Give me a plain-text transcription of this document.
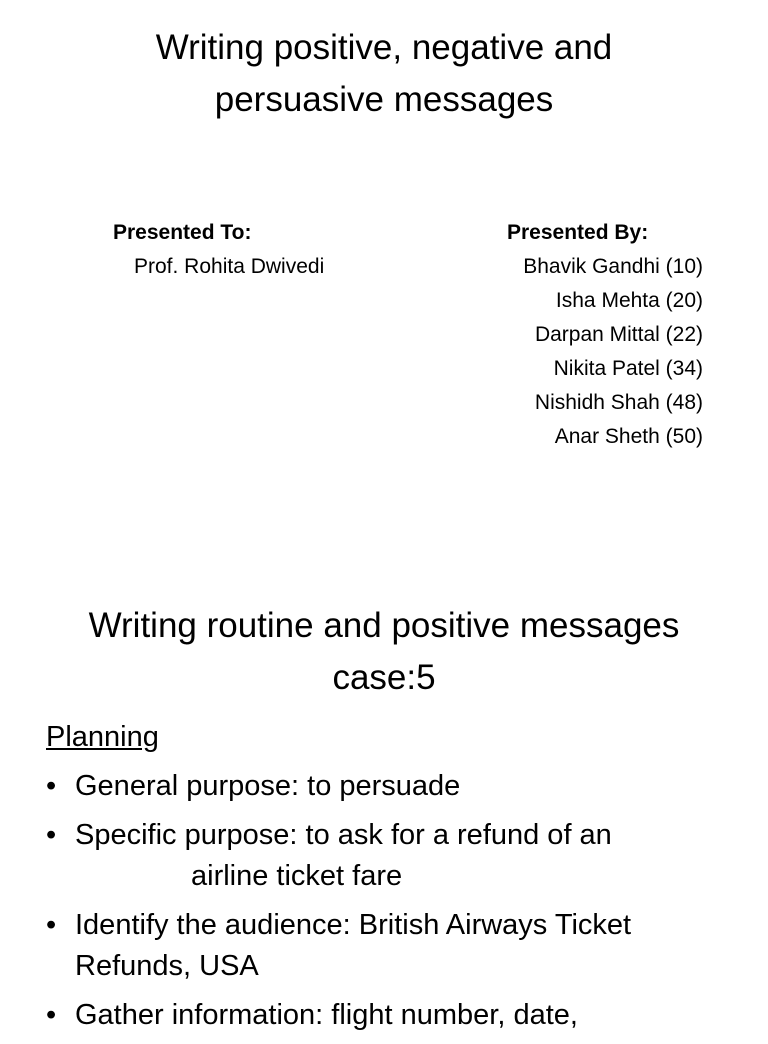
Writing positive, negative and
persuasive messages
Presented To:
Prof. Rohita Dwivedi
Presented By:
Bhavik Gandhi (10)
Isha Mehta (20)
Darpan Mittal (22)
Nikita Patel (34)
Nishidh Shah (48)
Anar Sheth (50)
Writing routine and positive messages
case:5

Planning

• General purpose: to persuade
• Specific purpose: to ask for a refund of an
airline ticket fare
• Identify the audience: British Airways Ticket
Refunds, USA
• Gather information: flight number, date,
